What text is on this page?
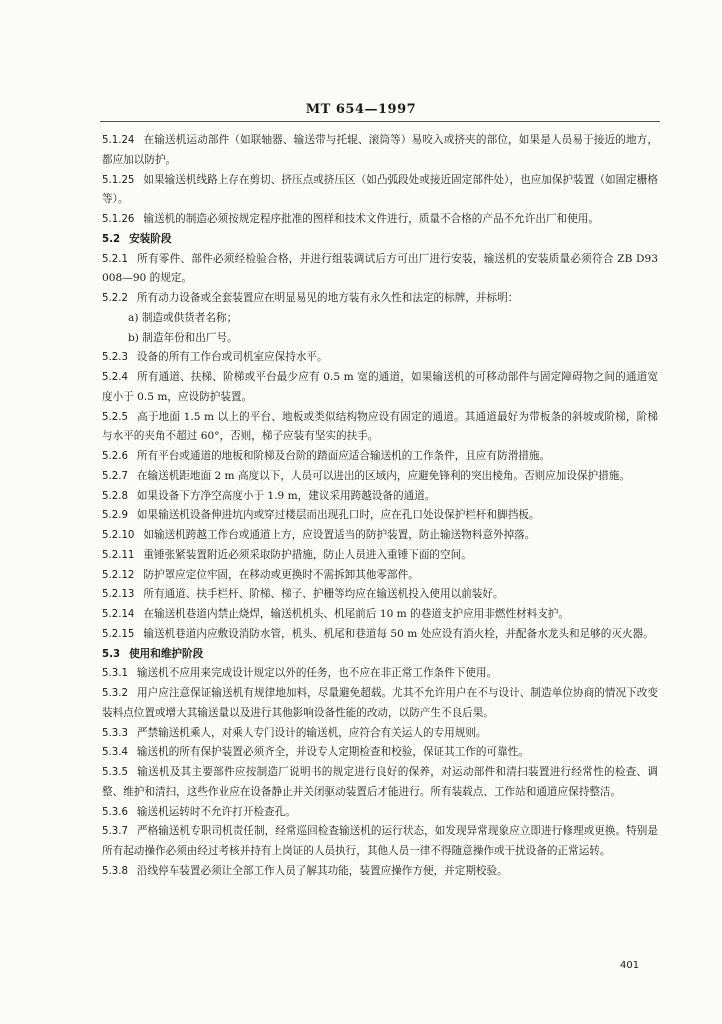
MT 654—1997

5.1.24 在输送机运动部件（如联轴器、输送带与托辊、滚筒等）易咬入或挤夹的部位，如果是人员易于接近的地方，都应加以防护。

5.1.25 如果输送机线路上存在剪切、挤压点或挤压区（如凸弧段处或接近固定部件处），也应加保护装置（如固定栅格等）。

5.1.26 输送机的制造必须按规定程序批准的图样和技术文件进行，质量不合格的产品不允许出厂和使用。

5.2 安装阶段

5.2.1 所有零件、部件必须经检验合格，并进行组装调试后方可出厂进行安装，输送机的安装质量必须符合 ZB D93 008—90 的规定。

5.2.2 所有动力设备或全套装置应在明显易见的地方装有永久性和法定的标牌，并标明：

a) 制造或供货者名称；

b) 制造年份和出厂号。

5.2.3 设备的所有工作台或司机室应保持水平。

5.2.4 所有通道、扶梯、阶梯或平台最少应有 0.5 m 宽的通道，如果输送机的可移动部件与固定障碍物之间的通道宽度小于 0.5 m，应设防护装置。

5.2.5 高于地面 1.5 m 以上的平台、地板或类似结构物应设有固定的通道。其通道最好为带板条的斜坡或阶梯，阶梯与水平的夹角不超过 60°，否则，梯子应装有坚实的扶手。

5.2.6 所有平台或通道的地板和阶梯及台阶的踏面应适合输送机的工作条件，且应有防滑措施。

5.2.7 在输送机距地面 2 m 高度以下，人员可以进出的区域内，应避免锋利的突出棱角。否则应加设保护措施。

5.2.8 如果设备下方净空高度小于 1.9 m，建议采用跨越设备的通道。

5.2.9 如果输送机设备伸进坑内或穿过楼层而出现孔口时，应在孔口处设保护栏杆和脚挡板。

5.2.10 如输送机跨越工作台或通道上方，应设置适当的防护装置，防止输送物料意外掉落。

5.2.11 重锤张紧装置附近必须采取防护措施，防止人员进入重锤下面的空间。

5.2.12 防护罩应定位牢固，在移动或更换时不需拆卸其他零部件。

5.2.13 所有通道、扶手栏杆、阶梯、梯子、护栅等均应在输送机投入使用以前装好。

5.2.14 在输送机巷道内禁止烧焊，输送机机头、机尾前后 10 m 的巷道支护应用非燃性材料支护。

5.2.15 输送机巷道内应敷设消防水管，机头、机尾和巷道每 50 m 处应设有消火栓，并配备水龙头和足够的灭火器。

5.3 使用和维护阶段

5.3.1 输送机不应用来完成设计规定以外的任务，也不应在非正常工作条件下使用。

5.3.2 用户应注意保证输送机有规律地加料，尽量避免超载。尤其不允许用户在不与设计、制造单位协商的情况下改变装料点位置或增大其输送量以及进行其他影响设备性能的改动，以防产生不良后果。

5.3.3 严禁输送机乘人，对乘人专门设计的输送机，应符合有关运人的专用规则。

5.3.4 输送机的所有保护装置必须齐全，并设专人定期检查和校验，保证其工作的可靠性。

5.3.5 输送机及其主要部件应按制造厂说明书的规定进行良好的保养，对运动部件和清扫装置进行经常性的检查、调整、维护和清扫，这些作业应在设备静止并关闭驱动装置后才能进行。所有装载点、工作站和通道应保持整洁。

5.3.6 输送机运转时不允许打开检查孔。

5.3.7 严格输送机专职司机责任制，经常巡回检查输送机的运行状态，如发现异常现象应立即进行修理或更换。特别是所有起动操作必须由经过考核并持有上岗证的人员执行，其他人员一律不得随意操作或干扰设备的正常运转。

5.3.8 沿线停车装置必须让全部工作人员了解其功能，装置应操作方便，并定期校验。

401
